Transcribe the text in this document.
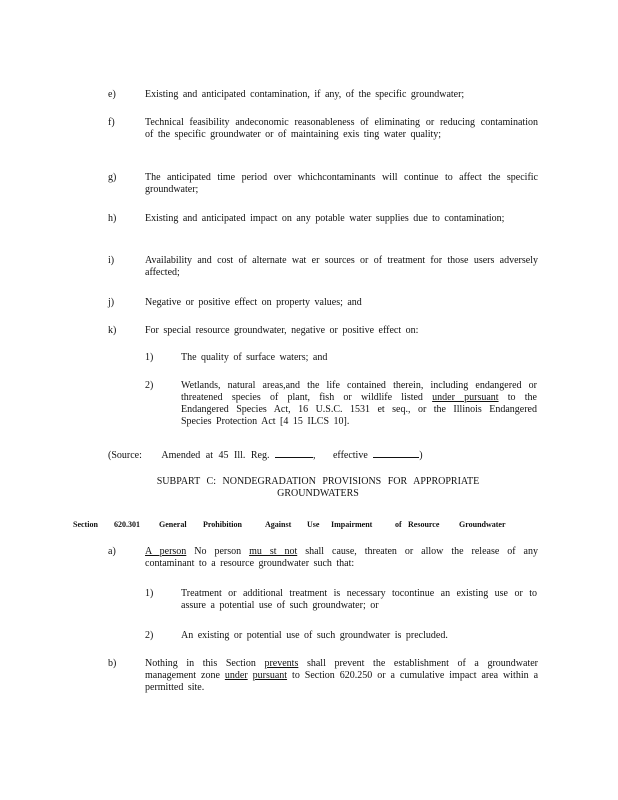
e)	Existing and anticipated contamination, if any, of the specific groundwater;
f)	Technical feasibility andeconomic reasonableness of eliminating or reducing contamination of the specific groundwater or of maintaining exis ting water quality;
g)	The anticipated time period over whichcontaminants will continue to affect the specific groundwater;
h)	Existing and anticipated impact on any potable water supplies due to contamination;
i)	Availability and cost of alternate wat er sources or of treatment for those users adversely affected;
j)	Negative or positive effect on property values; and
k)	For special resource groundwater, negative or positive effect on:
1)	The quality of surface waters; and
2)	Wetlands, natural areas,and the life contained therein, including endangered or threatened species of plant, fish or wildlife listed under pursuant to the Endangered Species Act, 16 U.S.C. 1531 et seq., or the Illinois Endangered Species Protection Act [4 15 ILCS 10].
(Source: Amended at 45 Ill. Reg.	, effective	)
SUBPART C: NONDEGRADATION PROVISIONS FOR APPROPRIATE
GROUNDWATERS
Section 620.301 General Prohibition	Against Use Impairment	of Resource Groundwater
a)	A person No person mu st not shall cause, threaten or allow the release of any contaminant to a resource groundwater such that:
1)	Treatment or additional treatment is necessary tocontinue an existing use or to assure a potential use of such groundwater; or
2)	An existing or potential use of such groundwater is precluded.
b)	Nothing in this Section prevents shall prevent the establishment of a groundwater management zone under pursuant to Section 620.250 or a cumulative impact area within a permitted site.
